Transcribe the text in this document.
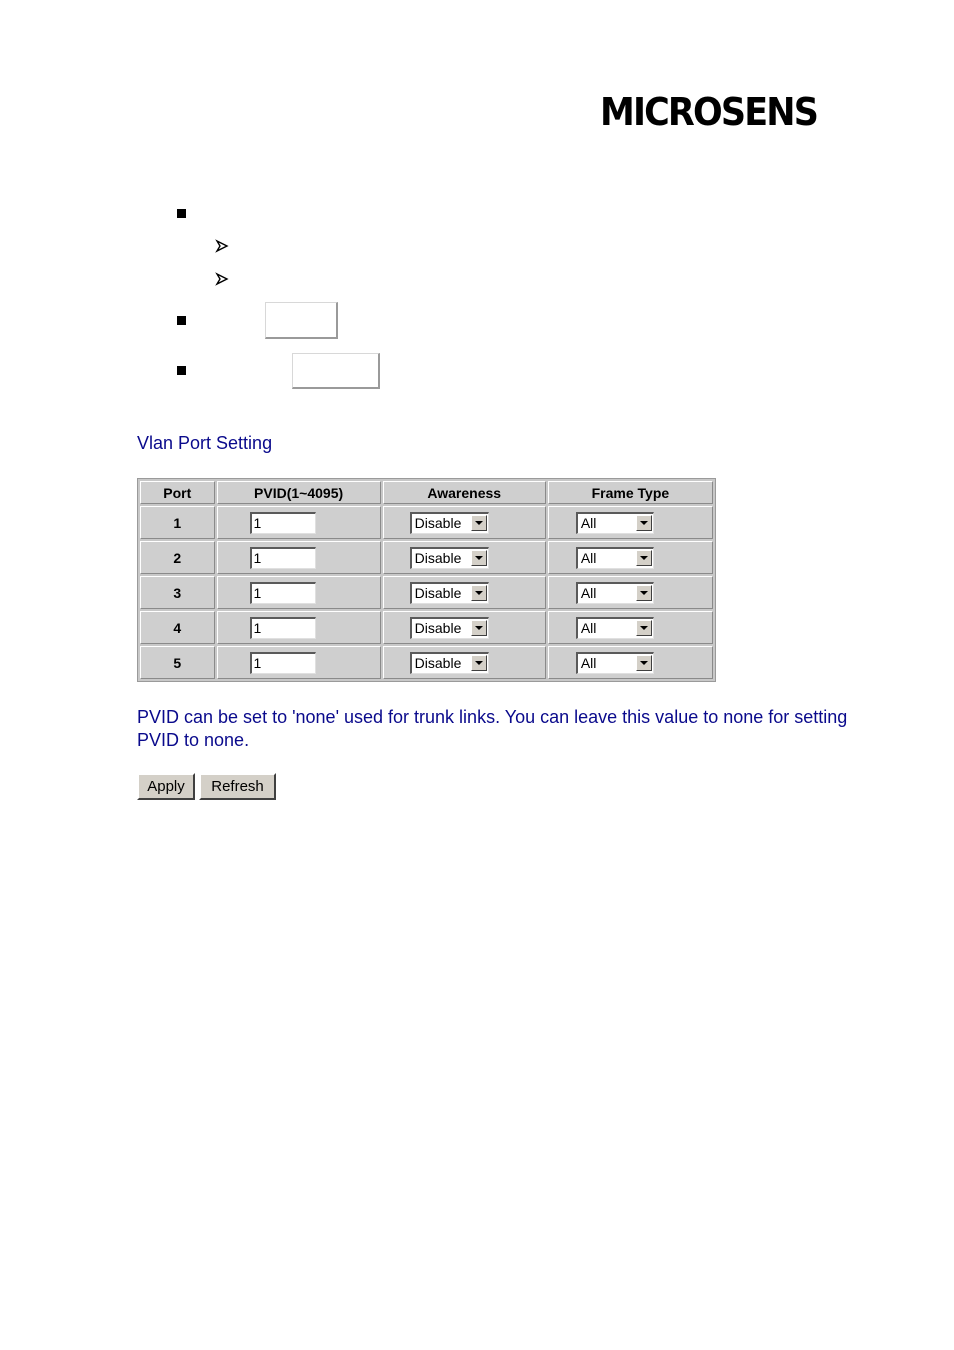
MICROSENS
Vlan Port Setting
Port	PVID(1~4095)	Awareness	Frame Type
1	1	Disable	All

2	1	Disable	All

3	1	Disable	All

4	1	Disable	All

5	1	Disable	All
PVID can be set to 'none' used for trunk links. You can leave this value to none for setting PVID to none.
Apply	Refresh
